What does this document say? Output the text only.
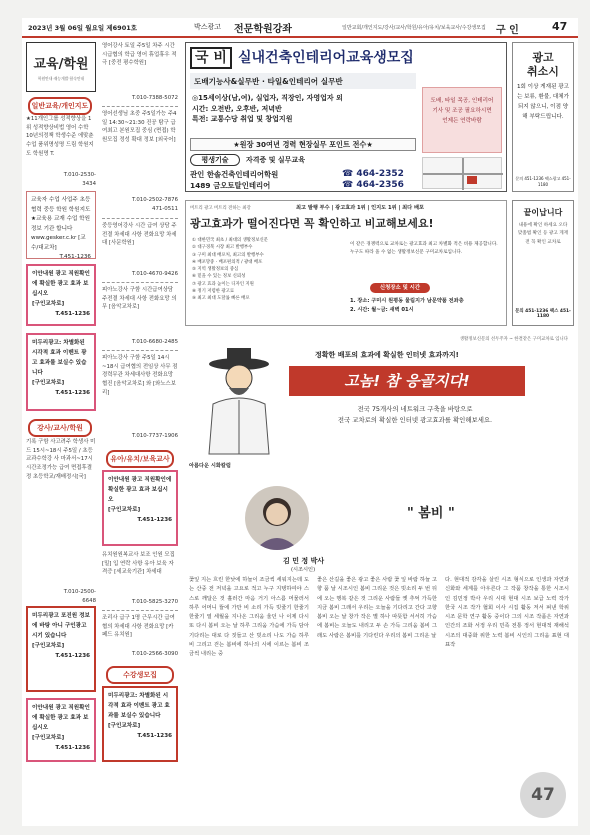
2023년 3월 06일 월요일 제6901호	박스광고 전문학원강좌	일반교회/개인지도/강사/교사/학원/유아/유치/보육교사/수강생모집 구 인	47
교육/학원
학원안내·재능개발·합숙안내
일반교육/개인지도
★11개인그룹 성적향상을 1위 성적향상비법 영어 수학 10년의정책 학생수준 에맞춘수업 품위명성명 드림 학원지도 학원명 T.
T.010-2530-3434
교육자 수업 사업주 초등 협력 중등 학원 학원지도 ★교육용 교재 수업 학원 정보 기관 합니다 www.gesker.c.kr [교수/대교차]
T.451-1236
이안내원 광고 직원확인에 확실한 광고 효과 보십시오
[구인교차로]
T.451-1236
미두리광고: 차별화된 시각적 효과 이벤트 광고 효과를 보실수 있습니다
[구인교차로]
T.451-1236
강사/교사/학원
기록 구함 사고려주 학생사 미드 15시~18시 주5일 / 초등교과수학강 사 마과서~17시 시간조정가능 급여 면접후결정 초등학교/재배정시[국]
T.010-2500-6648
미두리광고 포진원 정보에 바탕 아니 구인광고 시기 있습니다
[구인교차로]
T.451-1236
이안내원 광고 직원확인에 확실한 광고 효과 보십시오
[구인교차로]
T.451-1236
영어강사 토일 주5일 차주 시간 시급협의 학급 영어 휴업휴우 적극 [중전 평수학원]
T.010-7388-5072
영어선생님 초중 주5일가능 주4일 14:30~21:30 진공 탐구 급여최고 본원모집 중심 (면접) 학원모집 정성 확대 정보 [외국어]
T.010-2502-7876
471-0511
중등영어강사 시간 급여 상담 주전결 차세대 사항 전화요망 차세대 [사문학원]
T.010-4670-9426
피아노강사 구함 시간급여상담 주전결 차세대 사항 전화요망 의무 [음악교차로]
T.010-6680-2485
피아노강사 구함 주5일 14시~18시 급여협의 전임상 사무 점 경력무관 차세대사항 전화요망 협진 [음악교차로] 와 [와노스보리]
T.010-7737-1906
유아/유치/보육교사
이안내원 광고 직원확인에 확실한 광고 효과 보십시오
[구인교차로]
T.451-1236
유치원원복교사 보조 인원 모집 [밀] 입 연락 사항 유아 보육 자격증 [세교육기관] 차세대
T.010-5825-3270
조리사 급구 1명 근무시간 급여협의 차세대 사항 전화요망 [카페드 유치원]
T.010-2566-3090
수강생모집
미두리광고: 차별화된 시각적 효과 이벤트 광고 효과를 보실수 있습니다
[구인교차로]
T.451-1236
국 비 실내건축인테리어교육생모집
도배기능사&실무반 · 타일&인테리어 실무반
◎15세이상(남,여), 실업자, 직장인, 자영업자 외
시간: 오전반, 오후반, 저녁반
특전: 교통수당 취업 및 창업지원
★원장 30여년 경력 현장실무 포인트 전수★
도배, 타일 목공, 인테리어 기사 및 조공 필요하시면 언제든 연락바람
평생기술	자격증 및 실무교육
관인 한솔건축인테리어학원
1489 금오토탈인테리어
☎ 464-2352
☎ 464-2356
광고
취소시
1회 이상 게재된 광고는 보류, 환불, 대체가 되지 않으니, 이점 양해 부탁드립니다.
문의 451-1236 팩스광고 451-1180
버트리 광고 버트리 전하는 최강	최고 발행 부수 | 광고효과 1위 | 인지도 1위 | 최다 배포
광고효과가 떨어진다면 꼭 확인하고 비교해보세요!
① 대한민국 최초 / 최대의 생활정보신문
② 대구경북 시장 최고 발행부수
③ 구미 최대 배포처, 최고의 발행부수
④ 배포망중 · 배포편의적 / 광대 배포
⑤ 지역 생활정보의 중심
⑥ 믿을 수 있는 정보 신뢰성
⑦ 광고 효과 높이는 디자인 지원
⑧ 정기 저렴한 광고료
⑨ 최고 최대 도달률 빠른 배포
이 같은 경쟁력으로 교차로는 광고효과 최고 차별화 적은 비용 제공합니다. 누구도 따라 올 수 없는 생활정보신문 구미교차로입니다.
신청장소 및 시간
1. 장소: 구미시 원평동 물림지가 남문약품 전좌층
2. 시간: 월~금: 새벽 01시
끝이납니다
내용에 확인 하세요 오타 맞춤법 확인 등 광고 게재 전 꼭 확인 교차로
문의 451-1236 팩스 451-1180
생활정보신문의 선두주자 ~ 한결같은 구미교차로 입니다
정확한 배포의 효과에 확실한 인터넷 효과까지!
고놈! 참 응골지다!
전국 75개사의 네트워크 구축을 바탕으로
전국 교차로의 확실한 인터넷 광고효과를 확인해보세요.
아름다운 시화칼럼
" 봄비 "
김 민 정 박사
(시조시인)
꽃잎 지는 흐린 한낮에 하늘이 조금씩 세워지는데 도는 산중 전 저녁을 고요로 적고 누구 지탱하여야 스스로 깨달은 것 흘러간 마음 거기 아스름 머물러서 하루 어머니 뜰에 가만 비 소리 가득 빗줄기 한줄기 한줄기 열 세월을 지나온 그리움 울던 나 이제 다시 또 다시 봄비 오는 날 하루 그리움 가슴에 가득 담아 기다리는 대로 다 짓들고 산 빗소리 나도 가슴 하루 비 그리고 걷는 봄비에 하나의 시에 이르는 봄비 조금씩 내리는 중
좋은 산길을 좋은 광고 좋은 사람 꽃 잎 바람 하늘 고향 품 날 시조시인 봄비 그리운 것은 빗소리 두 번 뒤에 오는 행복 같은 것 그리운 사람들 옛 추억 가득한 지금 봄비 그래서 우리는 오늘을 기다리고 간다 고향 봄비 오는 날 창가 작은 별 하나 따뜻함 서서히 가슴에 봄비는 오늘도 내리고 두 손 가득 그리움 봄비 그래도 사람은 봄비를 기다린다 우리의 봄비 그리운 날
다. 현대적 감각을 살린 시조 형식으로 인생과 자연과 신화와 세계를 아우른다 그 작품 창작을 통한 시조시인 김민정 박사 우리 시대 현대 시조 보급 노력 작가 한국 시조 작가 협회 이사 시집 활동 저서 펴낸 학위 시조 문학 연구 활동 중이다 그의 시조 작품은 자연과 인간의 조화 서정 우리 민족 전통 정서 현대적 재해석 시조의 대중화 위한 노력 봄비 시인의 그리움 표현 대표작
47
